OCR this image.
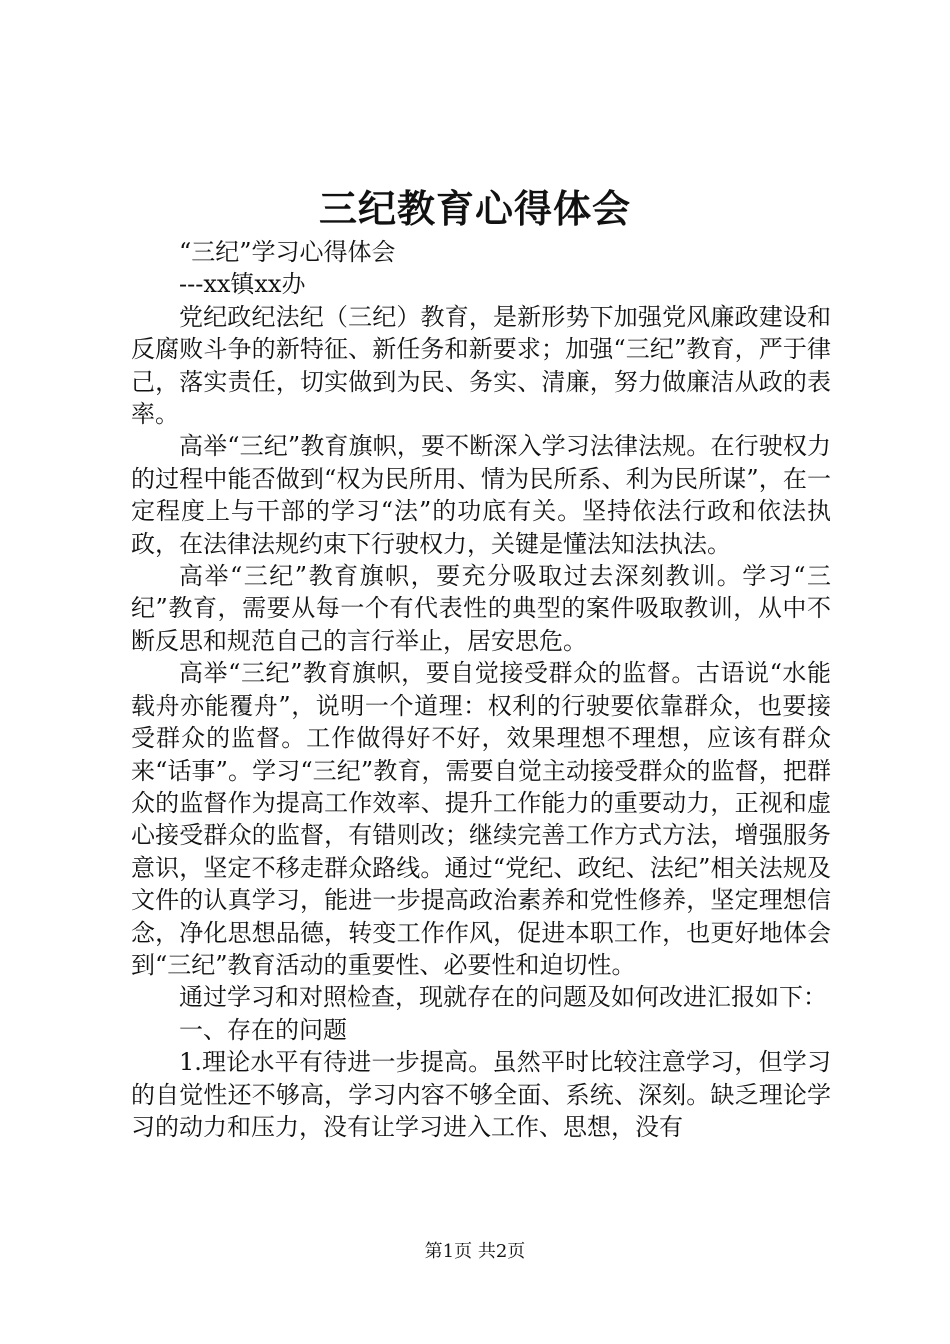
三纪教育心得体会

“三纪”学习心得体会

---xx镇xx办

党纪政纪法纪（三纪）教育，是新形势下加强党风廉政建设和反腐败斗争的新特征、新任务和新要求；加强“三纪”教育，严于律己，落实责任，切实做到为民、务实、清廉，努力做廉洁从政的表率。

高举“三纪”教育旗帜，要不断深入学习法律法规。在行驶权力的过程中能否做到“权为民所用、情为民所系、利为民所谋”，在一定程度上与干部的学习“法”的功底有关。坚持依法行政和依法执政，在法律法规约束下行驶权力，关键是懂法知法执法。

高举“三纪”教育旗帜，要充分吸取过去深刻教训。学习“三纪”教育，需要从每一个有代表性的典型的案件吸取教训，从中不断反思和规范自己的言行举止，居安思危。

高举“三纪”教育旗帜，要自觉接受群众的监督。古语说“水能载舟亦能覆舟”，说明一个道理：权利的行驶要依靠群众，也要接受群众的监督。工作做得好不好，效果理想不理想，应该有群众来“话事”。学习“三纪”教育，需要自觉主动接受群众的监督，把群众的监督作为提高工作效率、提升工作能力的重要动力，正视和虚心接受群众的监督，有错则改；继续完善工作方式方法，增强服务意识，坚定不移走群众路线。通过“党纪、政纪、法纪”相关法规及文件的认真学习，能进一步提高政治素养和党性修养，坚定理想信念，净化思想品德，转变工作作风，促进本职工作，也更好地体会到“三纪”教育活动的重要性、必要性和迫切性。

通过学习和对照检查，现就存在的问题及如何改进汇报如下：

一、存在的问题

1.理论水平有待进一步提高。虽然平时比较注意学习，但学习的自觉性还不够高，学习内容不够全面、系统、深刻。缺乏理论学习的动力和压力，没有让学习进入工作、思想，没有

第1页 共2页
